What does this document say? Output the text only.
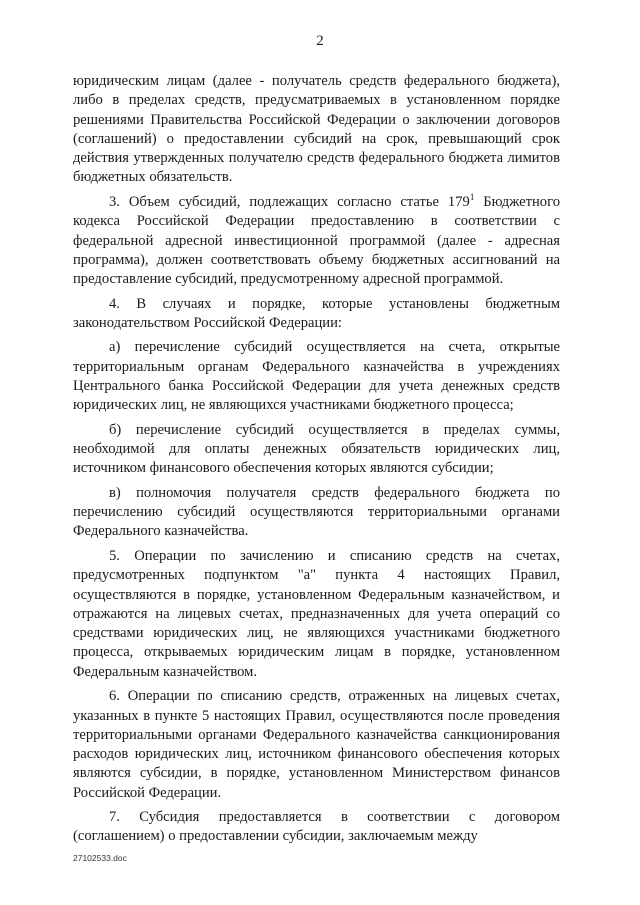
2

юридическим лицам (далее - получатель средств федерального бюджета), либо в пределах средств, предусматриваемых в установленном порядке решениями Правительства Российской Федерации о заключении договоров (соглашений) о предоставлении субсидий на срок, превышающий срок действия утвержденных получателю средств федерального бюджета лимитов бюджетных обязательств.

3. Объем субсидий, подлежащих согласно статье $179^1$ Бюджетного кодекса Российской Федерации предоставлению в соответствии с федеральной адресной инвестиционной программой (далее - адресная программа), должен соответствовать объему бюджетных ассигнований на предоставление субсидий, предусмотренному адресной программой.

4. В случаях и порядке, которые установлены бюджетным законодательством Российской Федерации:

а) перечисление субсидий осуществляется на счета, открытые территориальным органам Федерального казначейства в учреждениях Центрального банка Российской Федерации для учета денежных средств юридических лиц, не являющихся участниками бюджетного процесса;

б) перечисление субсидий осуществляется в пределах суммы, необходимой для оплаты денежных обязательств юридических лиц, источником финансового обеспечения которых являются субсидии;

в) полномочия получателя средств федерального бюджета по перечислению субсидий осуществляются территориальными органами Федерального казначейства.

5. Операции по зачислению и списанию средств на счетах, предусмотренных подпунктом "а" пункта 4 настоящих Правил, осуществляются в порядке, установленном Федеральным казначейством, и отражаются на лицевых счетах, предназначенных для учета операций со средствами юридических лиц, не являющихся участниками бюджетного процесса, открываемых юридическим лицам в порядке, установленном Федеральным казначейством.

6. Операции по списанию средств, отраженных на лицевых счетах, указанных в пункте 5 настоящих Правил, осуществляются после проведения территориальными органами Федерального казначейства санкционирования расходов юридических лиц, источником финансового обеспечения которых являются субсидии, в порядке, установленном Министерством финансов Российской Федерации.

7. Субсидия предоставляется в соответствии с договором (соглашением) о предоставлении субсидии, заключаемым между

27102533.doc
